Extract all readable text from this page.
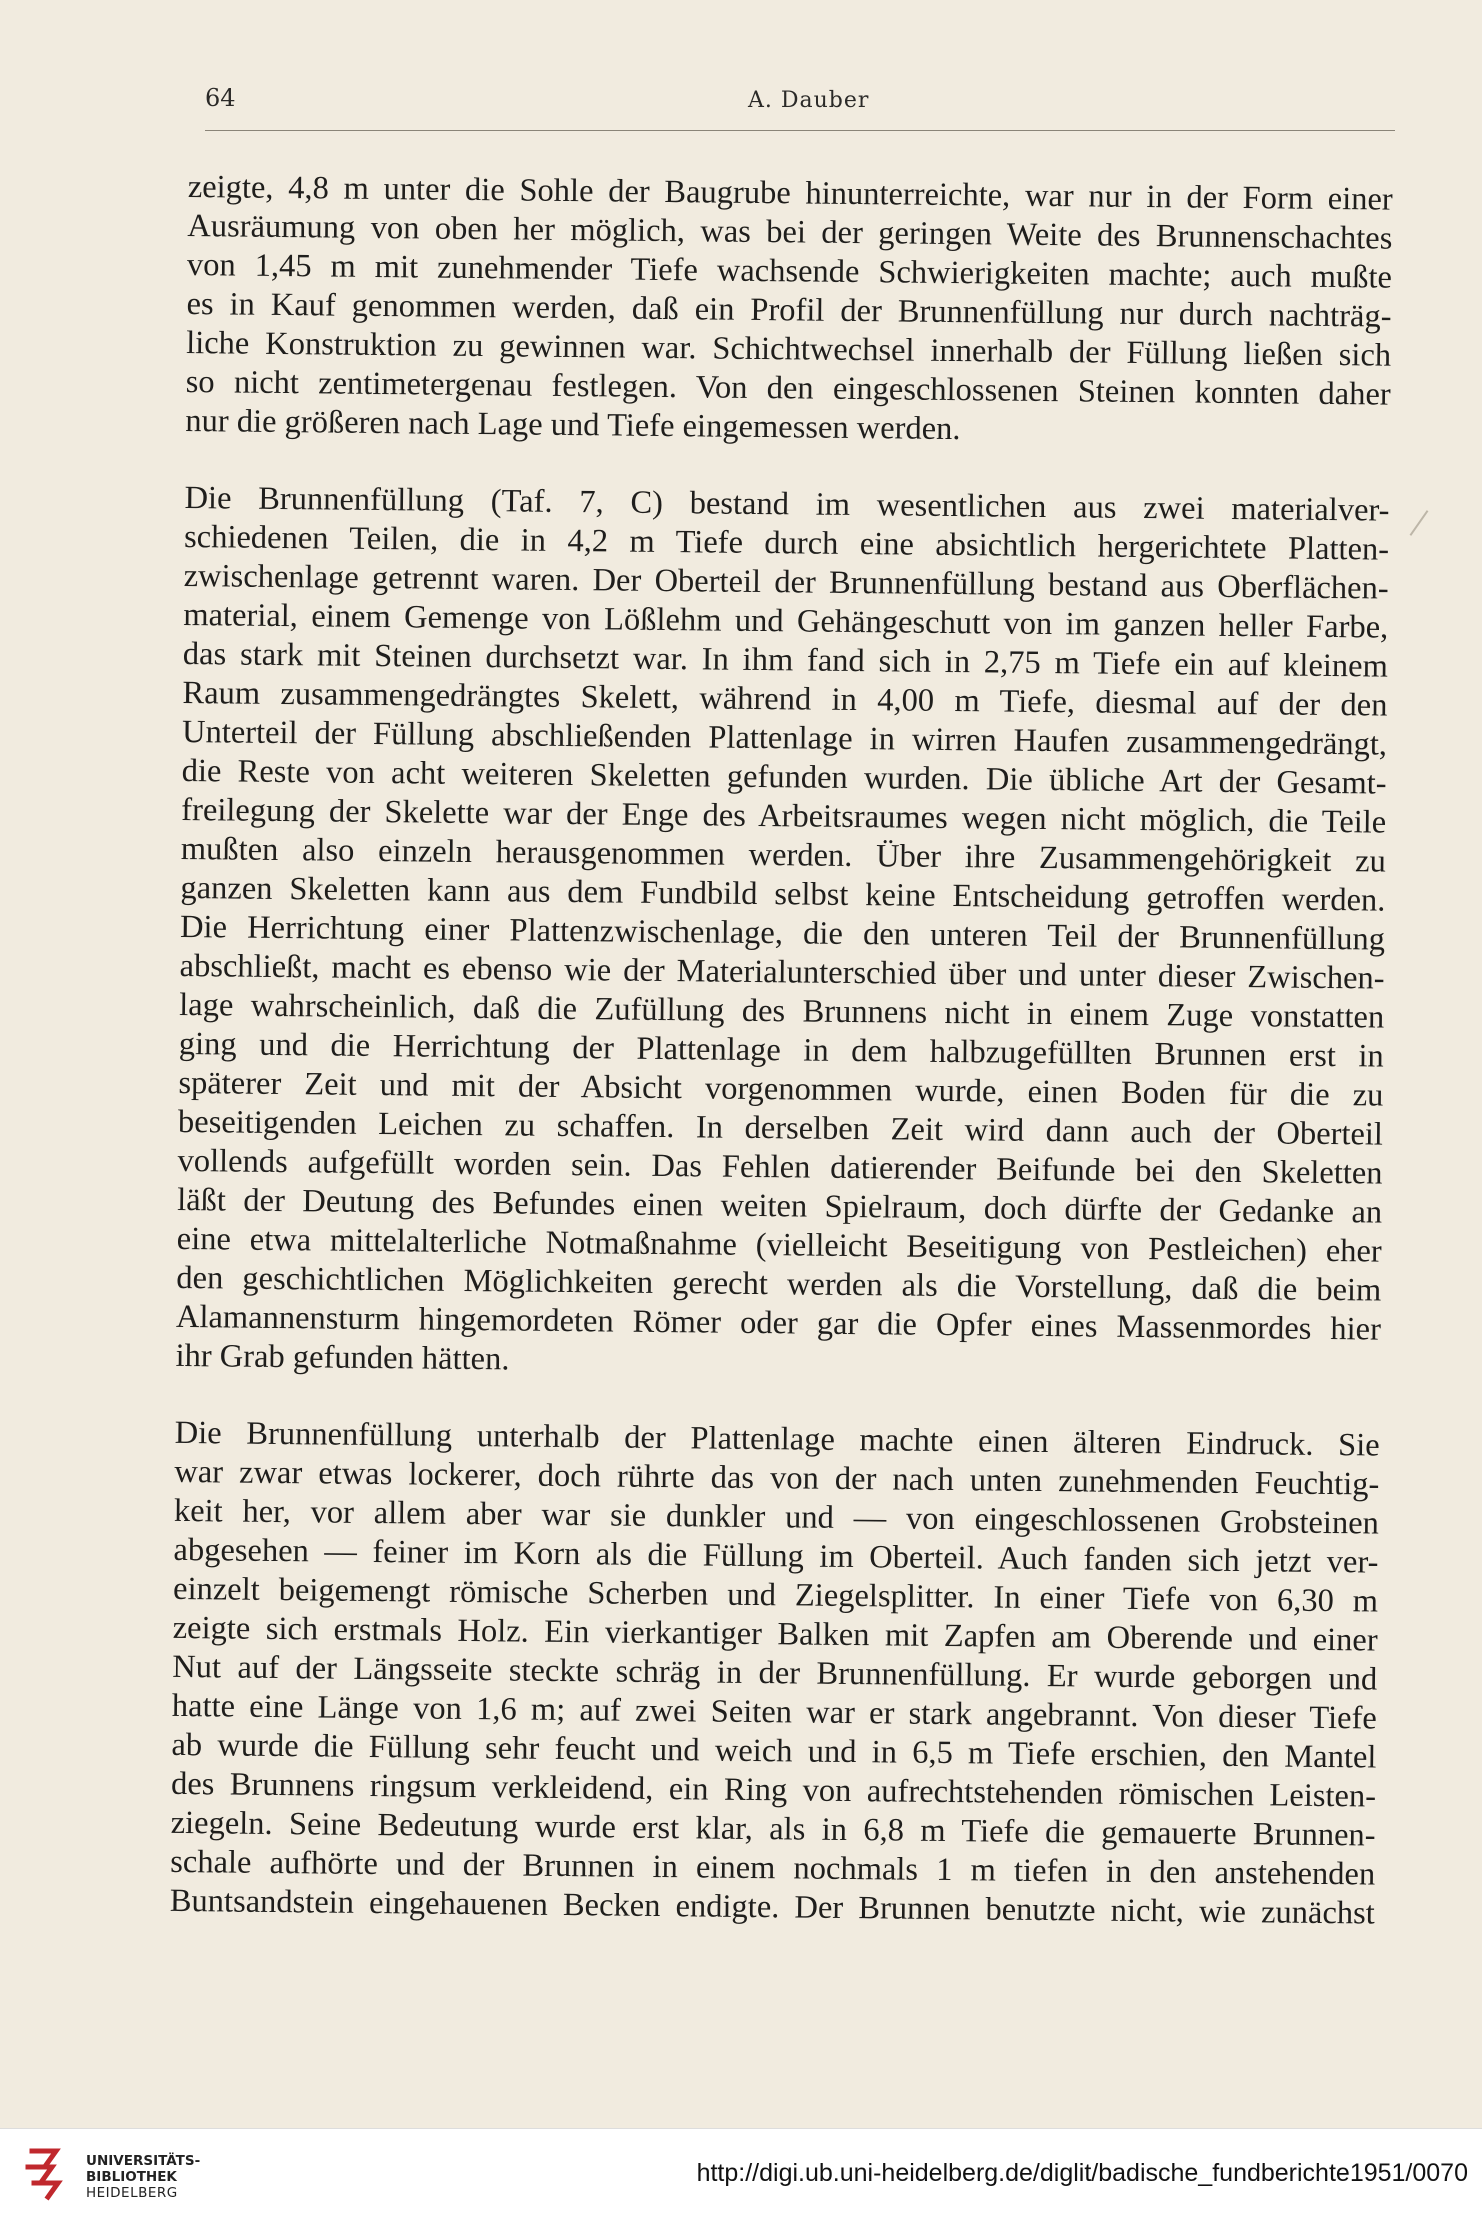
64	A. Dauber

zeigte, 4,8 m unter die Sohle der Baugrube hinunterreichte, war nur in der Form einer
Ausräumung von oben her möglich, was bei der geringen Weite des Brunnenschachtes
von 1,45 m mit zunehmender Tiefe wachsende Schwierigkeiten machte; auch mußte
es in Kauf genommen werden, daß ein Profil der Brunnenfüllung nur durch nachträg-
liche Konstruktion zu gewinnen war. Schichtwechsel innerhalb der Füllung ließen sich
so nicht zentimetergenau festlegen. Von den eingeschlossenen Steinen konnten daher
nur die größeren nach Lage und Tiefe eingemessen werden.

Die Brunnenfüllung (Taf. 7, C) bestand im wesentlichen aus zwei materialver-
schiedenen Teilen, die in 4,2 m Tiefe durch eine absichtlich hergerichtete Platten-
zwischenlage getrennt waren. Der Oberteil der Brunnenfüllung bestand aus Oberflächen-
material, einem Gemenge von Lößlehm und Gehängeschutt von im ganzen heller Farbe,
das stark mit Steinen durchsetzt war. In ihm fand sich in 2,75 m Tiefe ein auf kleinem
Raum zusammengedrängtes Skelett, während in 4,00 m Tiefe, diesmal auf der den
Unterteil der Füllung abschließenden Plattenlage in wirren Haufen zusammengedrängt,
die Reste von acht weiteren Skeletten gefunden wurden. Die übliche Art der Gesamt-
freilegung der Skelette war der Enge des Arbeitsraumes wegen nicht möglich, die Teile
mußten also einzeln herausgenommen werden. Über ihre Zusammengehörigkeit zu
ganzen Skeletten kann aus dem Fundbild selbst keine Entscheidung getroffen werden.
Die Herrichtung einer Plattenzwischenlage, die den unteren Teil der Brunnenfüllung
abschließt, macht es ebenso wie der Materialunterschied über und unter dieser Zwischen-
lage wahrscheinlich, daß die Zufüllung des Brunnens nicht in einem Zuge vonstatten
ging und die Herrichtung der Plattenlage in dem halbzugefüllten Brunnen erst in
späterer Zeit und mit der Absicht vorgenommen wurde, einen Boden für die zu
beseitigenden Leichen zu schaffen. In derselben Zeit wird dann auch der Oberteil
vollends aufgefüllt worden sein. Das Fehlen datierender Beifunde bei den Skeletten
läßt der Deutung des Befundes einen weiten Spielraum, doch dürfte der Gedanke an
eine etwa mittelalterliche Notmaßnahme (vielleicht Beseitigung von Pestleichen) eher
den geschichtlichen Möglichkeiten gerecht werden als die Vorstellung, daß die beim
Alamannensturm hingemordeten Römer oder gar die Opfer eines Massenmordes hier
ihr Grab gefunden hätten.

Die Brunnenfüllung unterhalb der Plattenlage machte einen älteren Eindruck. Sie
war zwar etwas lockerer, doch rührte das von der nach unten zunehmenden Feuchtig-
keit her, vor allem aber war sie dunkler und — von eingeschlossenen Grobsteinen
abgesehen — feiner im Korn als die Füllung im Oberteil. Auch fanden sich jetzt ver-
einzelt beigemengt römische Scherben und Ziegelsplitter. In einer Tiefe von 6,30 m
zeigte sich erstmals Holz. Ein vierkantiger Balken mit Zapfen am Oberende und einer
Nut auf der Längsseite steckte schräg in der Brunnenfüllung. Er wurde geborgen und
hatte eine Länge von 1,6 m; auf zwei Seiten war er stark angebrannt. Von dieser Tiefe
ab wurde die Füllung sehr feucht und weich und in 6,5 m Tiefe erschien, den Mantel
des Brunnens ringsum verkleidend, ein Ring von aufrechtstehenden römischen Leisten-
ziegeln. Seine Bedeutung wurde erst klar, als in 6,8 m Tiefe die gemauerte Brunnen-
schale aufhörte und der Brunnen in einem nochmals 1 m tiefen in den anstehenden
Buntsandstein eingehauenen Becken endigte. Der Brunnen benutzte nicht, wie zunächst

UNIVERSITÄTS-
BIBLIOTHEK
HEIDELBERG
http://digi.ub.uni-heidelberg.de/diglit/badische_fundberichte1951/0070
